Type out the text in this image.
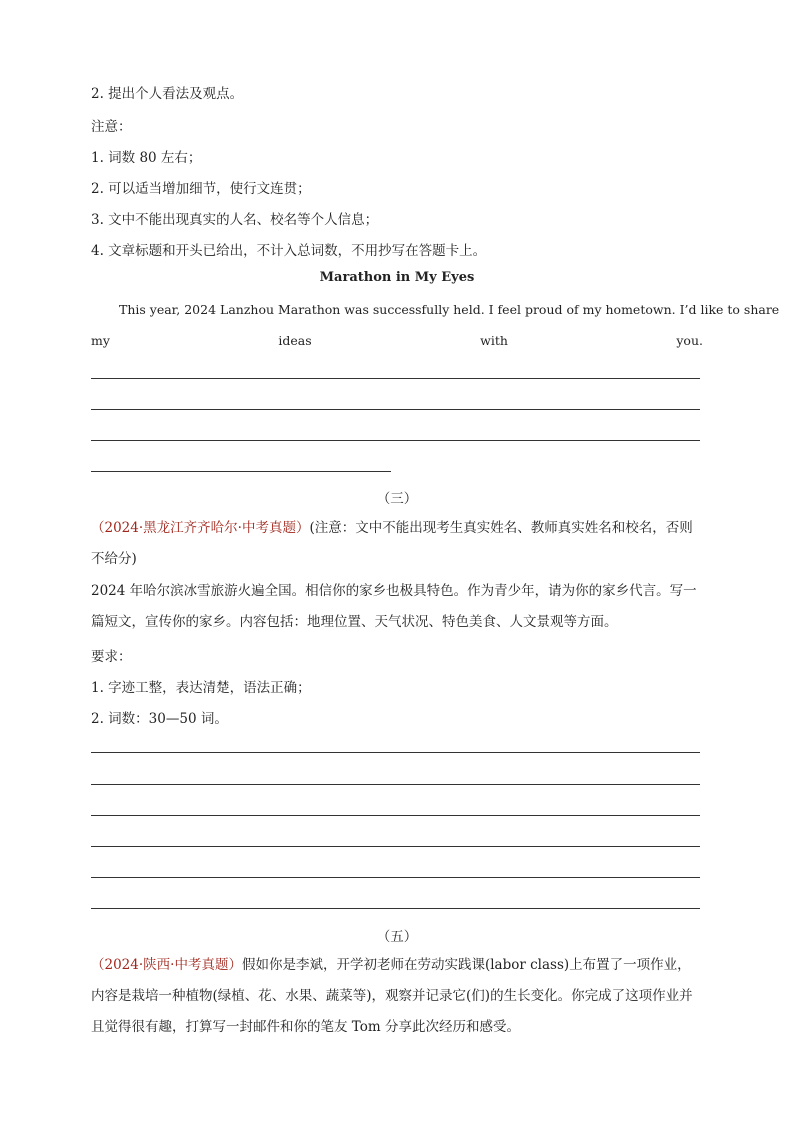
2. 提出个人看法及观点。
注意：
1. 词数 80 左右；
2. 可以适当增加细节，使行文连贯；
3. 文中不能出现真实的人名、校名等个人信息；
4. 文章标题和开头已给出，不计入总词数，不用抄写在答题卡上。
Marathon in My Eyes
This year, 2024 Lanzhou Marathon was successfully held. I feel proud of my hometown. I’d like to share
my	ideas	with	you.
（三）
（2024·黑龙江齐齐哈尔·中考真题）(注意：文中不能出现考生真实姓名、教师真实姓名和校名，否则不给分)
2024 年哈尔滨冰雪旅游火遍全国。相信你的家乡也极具特色。作为青少年，请为你的家乡代言。写一篇短文，宣传你的家乡。内容包括：地理位置、天气状况、特色美食、人文景观等方面。
要求：
1. 字迹工整，表达清楚，语法正确；
2. 词数：30—50 词。
（五）
（2024·陕西·中考真题）假如你是李斌，开学初老师在劳动实践课(labor class)上布置了一项作业，内容是栽培一种植物(绿植、花、水果、蔬菜等)，观察并记录它(们)的生长变化。你完成了这项作业并且觉得很有趣，打算写一封邮件和你的笔友 Tom 分享此次经历和感受。
